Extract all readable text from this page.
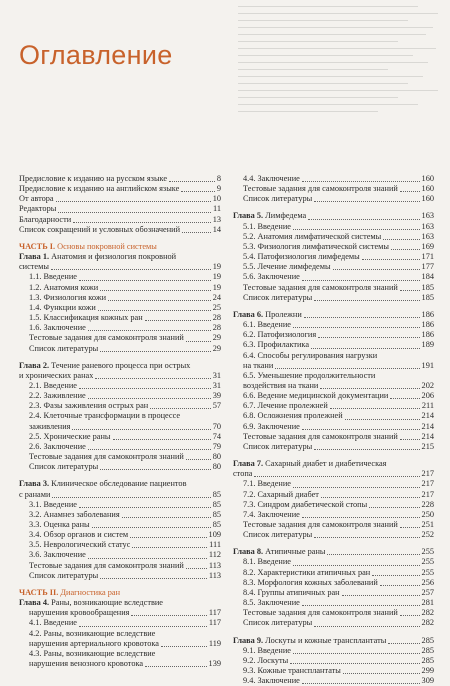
Оглавление
Предисловие к изданию на русском языке	8
Предисловие к изданию на английском языке	9
От автора	10
Редакторы	11
Благодарности	13
Список сокращений и условных обозначений	14
ЧАСТЬ I. Основы покровной системы
Глава 1. Анатомия и физиология покровной
системы	19
1.1. Введение	19
1.2. Анатомия кожи	19
1.3. Физиология кожи	24
1.4. Функции кожи	25
1.5. Классификация кожных ран	28
1.6. Заключение	28
Тестовые задания для самоконтроля знаний	29
Список литературы	29
Глава 2. Течение раневого процесса при острых
и хронических ранах	31
2.1. Введение	31
2.2. Заживление	39
2.3. Фазы заживления острых ран	57
2.4. Клеточные трансформации в процессе
заживления	70
2.5. Хронические раны	74
2.6. Заключение	79
Тестовые задания для самоконтроля знаний	80
Список литературы	80
Глава 3. Клиническое обследование пациентов
с ранами	85
3.1. Введение	85
3.2. Анамнез заболевания	85
3.3. Оценка раны	85
3.4. Обзор органов и систем	109
3.5. Неврологический статус	111
3.6. Заключение	112
Тестовые задания для самоконтроля знаний	113
Список литературы	113
ЧАСТЬ II. Диагностика ран
Глава 4. Раны, возникающие вследствие
нарушения кровообращения	117
4.1. Введение	117
4.2. Раны, возникающие вследствие
нарушения артериального кровотока	119
4.3. Раны, возникающие вследствие
нарушения венозного кровотока	139
4.4. Заключение	160
Тестовые задания для самоконтроля знаний	160
Список литературы	160
Глава 5. Лимфедема	163
5.1. Введение	163
5.2. Анатомия лимфатической системы	163
5.3. Физиология лимфатической системы	169
5.4. Патофизиология лимфедемы	171
5.5. Лечение лимфедемы	177
5.6. Заключение	184
Тестовые задания для самоконтроля знаний	185
Список литературы	185
Глава 6. Пролежни	186
6.1. Введение	186
6.2. Патофизиология	186
6.3. Профилактика	189
6.4. Способы регулирования нагрузки
на ткани	191
6.5. Уменьшение продолжительности
воздействия на ткани	202
6.6. Ведение медицинской документации	206
6.7. Лечение пролежней	211
6.8. Осложнения пролежней	214
6.9. Заключение	214
Тестовые задания для самоконтроля знаний	214
Список литературы	215
Глава 7. Сахарный диабет и диабетическая
стопа	217
7.1. Введение	217
7.2. Сахарный диабет	217
7.3. Синдром диабетической стопы	228
7.4. Заключение	250
Тестовые задания для самоконтроля знаний	251
Список литературы	252
Глава 8. Атипичные раны	255
8.1. Введение	255
8.2. Характеристики атипичных ран	255
8.3. Морфология кожных заболеваний	256
8.4. Группы атипичных ран	257
8.5. Заключение	281
Тестовые задания для самоконтроля знаний	282
Список литературы	282
Глава 9. Лоскуты и кожные трансплантаты	285
9.1. Введение	285
9.2. Лоскуты	285
9.3. Кожные трансплантаты	299
9.4. Заключение	309
